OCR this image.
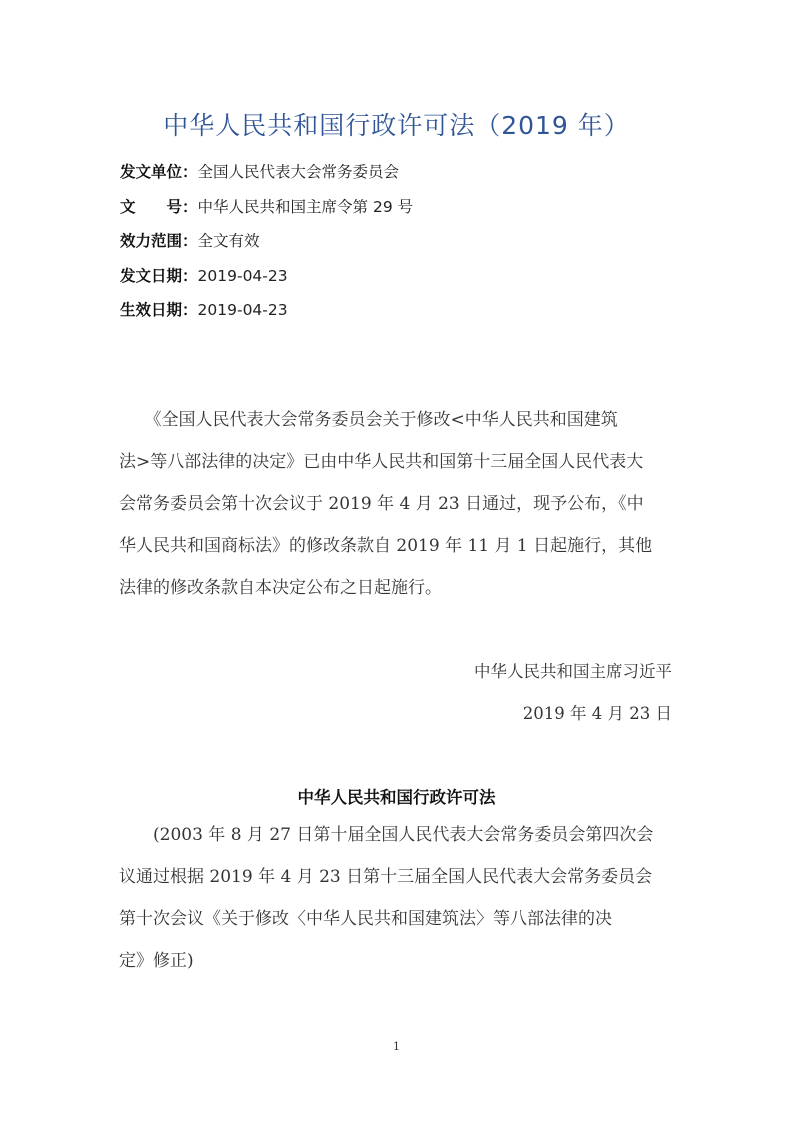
中华人民共和国行政许可法（2019 年）
发文单位：全国人民代表大会常务委员会
文　　号：中华人民共和国主席令第 29 号
效力范围：全文有效
发文日期：2019-04-23
生效日期：2019-04-23
　　《全国人民代表大会常务委员会关于修改<中华人民共和国建筑
法>等八部法律的决定》已由中华人民共和国第十三届全国人民代表大
会常务委员会第十次会议于 2019 年 4 月 23 日通过，现予公布，《中
华人民共和国商标法》的修改条款自 2019 年 11 月 1 日起施行，其他
法律的修改条款自本决定公布之日起施行。
中华人民共和国主席习近平
2019 年 4 月 23 日
中华人民共和国行政许可法
　　(2003 年 8 月 27 日第十届全国人民代表大会常务委员会第四次会
议通过根据 2019 年 4 月 23 日第十三届全国人民代表大会常务委员会
第十次会议《关于修改〈中华人民共和国建筑法〉等八部法律的决
定》修正)
1
